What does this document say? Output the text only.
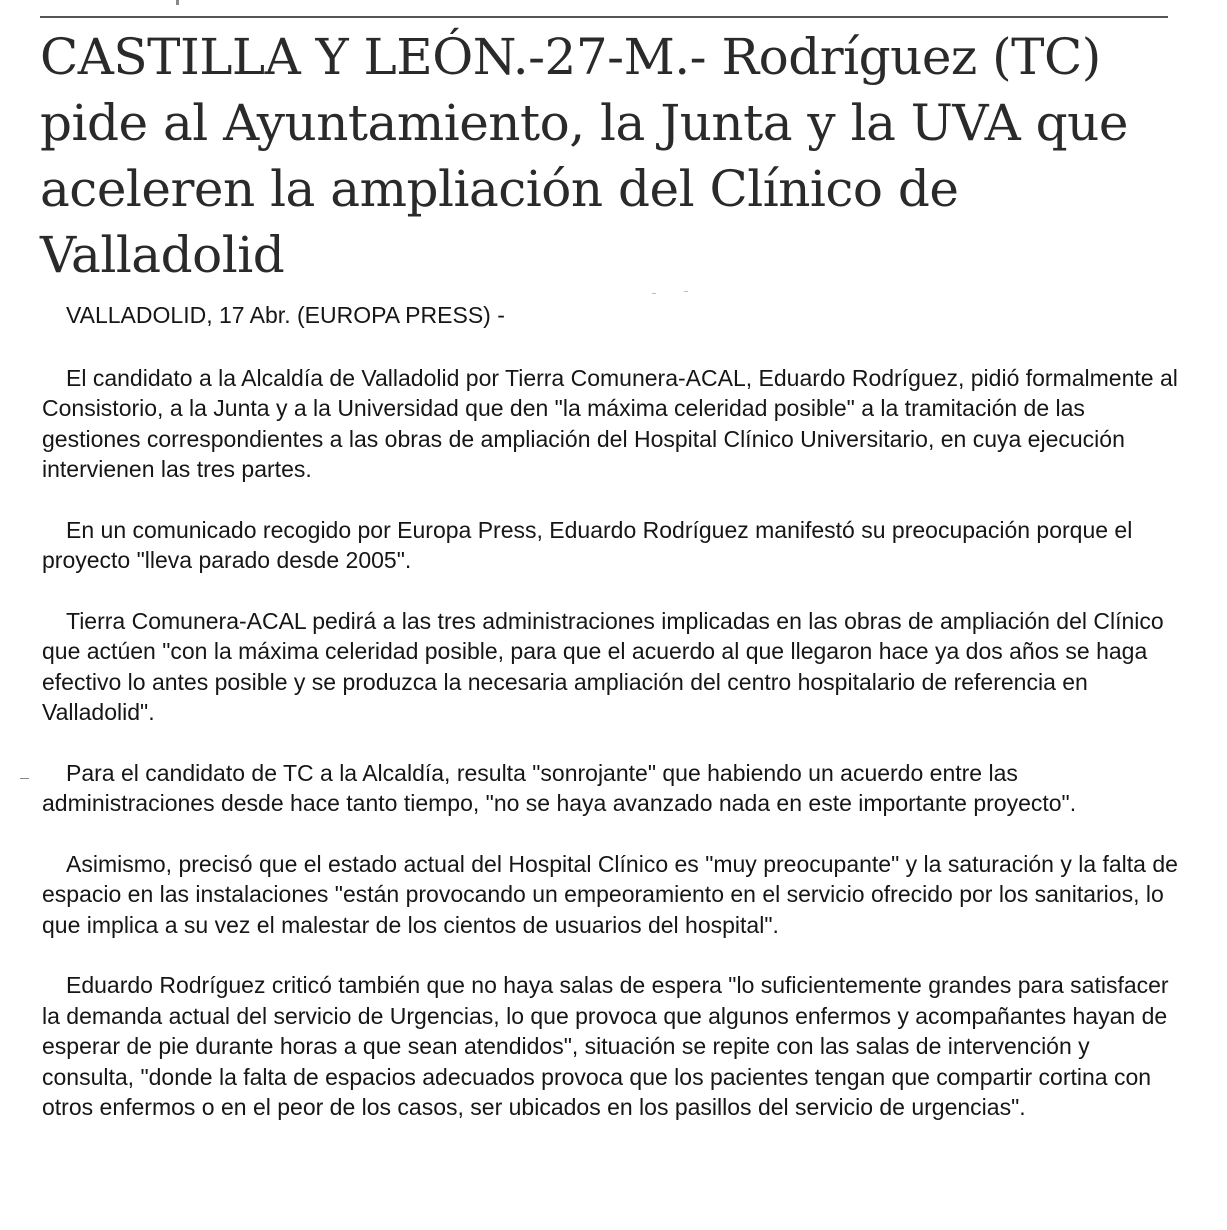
CASTILLA Y LEÓN.-27-M.- Rodríguez (TC) pide al Ayuntamiento, la Junta y la UVA que aceleren la ampliación del Clínico de Valladolid

VALLADOLID, 17 Abr. (EUROPA PRESS) -

El candidato a la Alcaldía de Valladolid por Tierra Comunera-ACAL, Eduardo Rodríguez, pidió formalmente al Consistorio, a la Junta y a la Universidad que den "la máxima celeridad posible" a la tramitación de las gestiones correspondientes a las obras de ampliación del Hospital Clínico Universitario, en cuya ejecución intervienen las tres partes.

En un comunicado recogido por Europa Press, Eduardo Rodríguez manifestó su preocupación porque el proyecto "lleva parado desde 2005".

Tierra Comunera-ACAL pedirá a las tres administraciones implicadas en las obras de ampliación del Clínico que actúen "con la máxima celeridad posible, para que el acuerdo al que llegaron hace ya dos años se haga efectivo lo antes posible y se produzca la necesaria ampliación del centro hospitalario de referencia en Valladolid".

Para el candidato de TC a la Alcaldía, resulta "sonrojante" que habiendo un acuerdo entre las administraciones desde hace tanto tiempo, "no se haya avanzado nada en este importante proyecto".

Asimismo, precisó que el estado actual del Hospital Clínico es "muy preocupante" y la saturación y la falta de espacio en las instalaciones "están provocando un empeoramiento en el servicio ofrecido por los sanitarios, lo que implica a su vez el malestar de los cientos de usuarios del hospital".

Eduardo Rodríguez criticó también que no haya salas de espera "lo suficientemente grandes para satisfacer la demanda actual del servicio de Urgencias, lo que provoca que algunos enfermos y acompañantes hayan de esperar de pie durante horas a que sean atendidos", situación se repite con las salas de intervención y consulta, "donde la falta de espacios adecuados provoca que los pacientes tengan que compartir cortina con otros enfermos o en el peor de los casos, ser ubicados en los pasillos del servicio de urgencias".
